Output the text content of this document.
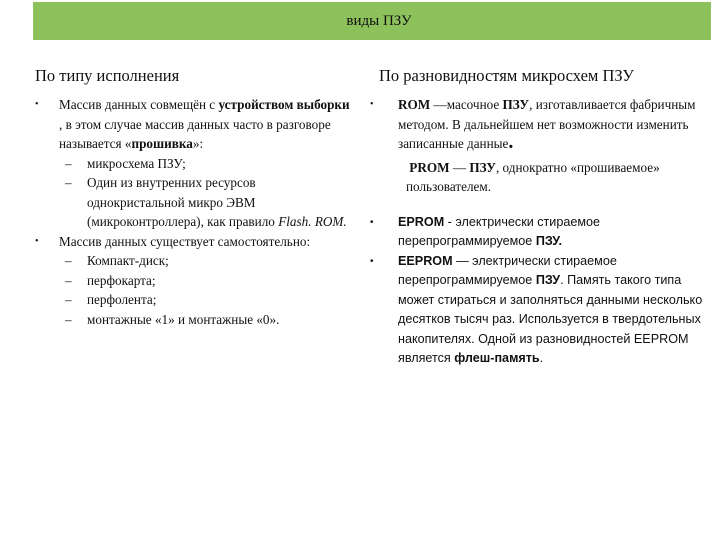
виды ПЗУ
По типу исполнения	По разновидностям микросхем ПЗУ
•	Массив данных совмещён с устройством выборки , в этом случае массив данных часто в разговоре называется «прошивка»:
– микросхема ПЗУ;
– Один из внутренних ресурсов однокристальной микро ЭВМ (микроконтроллера), как правило Flash. ROM.
•	Массив данных существует самостоятельно:
– Компакт-диск;
– перфокарта;
– перфолента;
– монтажные «1» и монтажные «0».
•	ROM —масочное ПЗУ, изготавливается фабричным методом. В дальнейшем нет возможности изменить записанные данные.
PROM — ПЗУ, однократно «прошиваемое» пользователем.
•	EPROM - электрически стираемое перепрограммируемое ПЗУ.
•	EEPROM — электрически стираемое перепрограммируемое ПЗУ. Память такого типа может стираться и заполняться данными несколько десятков тысяч раз. Используется в твердотельных накопителях. Одной из разновидностей EEPROM является флеш-память.
